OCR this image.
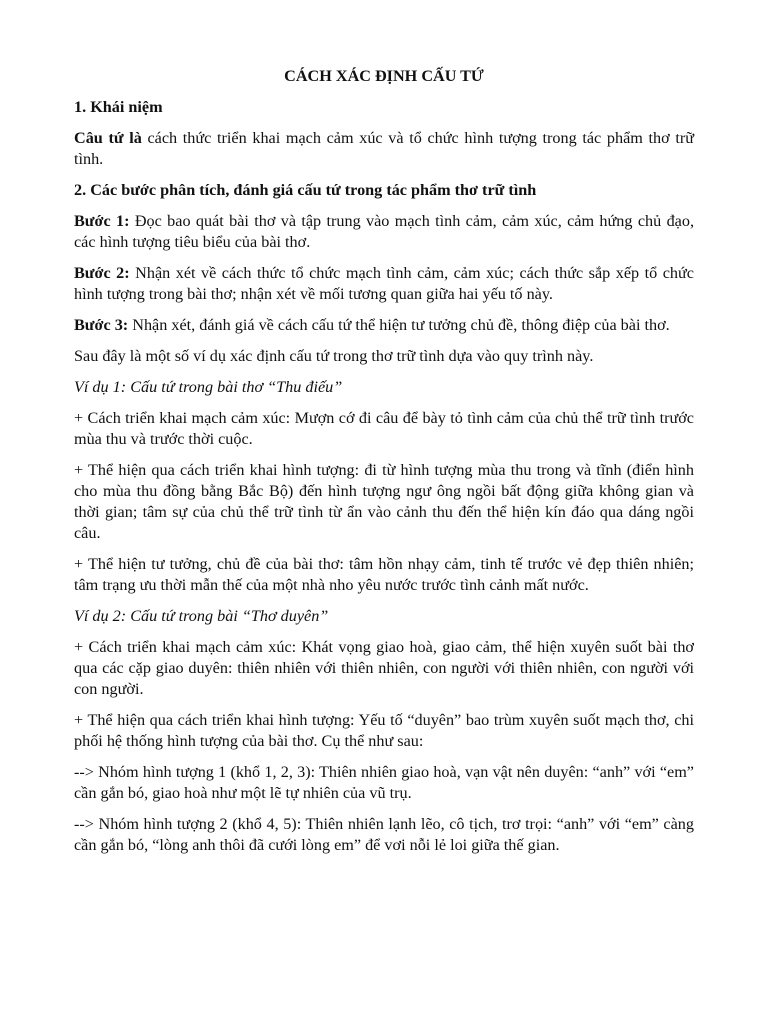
CÁCH XÁC ĐỊNH CẤU TỨ
1. Khái niệm
Câu tứ là cách thức triển khai mạch cảm xúc và tổ chức hình tượng trong tác phẩm thơ trữ tình.
2. Các bước phân tích, đánh giá cấu tứ trong tác phẩm thơ trữ tình
Bước 1: Đọc bao quát bài thơ và tập trung vào mạch tình cảm, cảm xúc, cảm hứng chủ đạo, các hình tượng tiêu biểu của bài thơ.
Bước 2: Nhận xét về cách thức tổ chức mạch tình cảm, cảm xúc; cách thức sắp xếp tổ chức hình tượng trong bài thơ; nhận xét về mối tương quan giữa hai yếu tố này.
Bước 3: Nhận xét, đánh giá về cách cấu tứ thể hiện tư tưởng chủ đề, thông điệp của bài thơ.
Sau đây là một số ví dụ xác định cấu tứ trong thơ trữ tình dựa vào quy trình này.
Ví dụ 1: Cấu tứ trong bài thơ “Thu điếu”
+ Cách triển khai mạch cảm xúc: Mượn cớ đi câu để bày tỏ tình cảm của chủ thể trữ tình trước mùa thu và trước thời cuộc.
+ Thể hiện qua cách triển khai hình tượng: đi từ hình tượng mùa thu trong và tĩnh (điển hình cho mùa thu đồng bằng Bắc Bộ) đến hình tượng ngư ông ngồi bất động giữa không gian và thời gian; tâm sự của chủ thể trữ tình từ ẩn vào cảnh thu đến thể hiện kín đáo qua dáng ngồi câu.
+ Thể hiện tư tưởng, chủ đề của bài thơ: tâm hồn nhạy cảm, tinh tế trước vẻ đẹp thiên nhiên; tâm trạng ưu thời mẫn thế của một nhà nho yêu nước trước tình cảnh mất nước.
Ví dụ 2: Cấu tứ trong bài “Thơ duyên”
+ Cách triển khai mạch cảm xúc: Khát vọng giao hoà, giao cảm, thể hiện xuyên suốt bài thơ qua các cặp giao duyên: thiên nhiên với thiên nhiên, con người với thiên nhiên, con người với con người.
+ Thể hiện qua cách triển khai hình tượng: Yếu tố “duyên” bao trùm xuyên suốt mạch thơ, chi phối hệ thống hình tượng của bài thơ. Cụ thể như sau:
--> Nhóm hình tượng 1 (khổ 1, 2, 3): Thiên nhiên giao hoà, vạn vật nên duyên: “anh” với “em” cần gắn bó, giao hoà như một lẽ tự nhiên của vũ trụ.
--> Nhóm hình tượng 2 (khổ 4, 5): Thiên nhiên lạnh lẽo, cô tịch, trơ trọi: “anh” với “em” càng cần gắn bó, “lòng anh thôi đã cưới lòng em” để vơi nỗi lẻ loi giữa thế gian.
